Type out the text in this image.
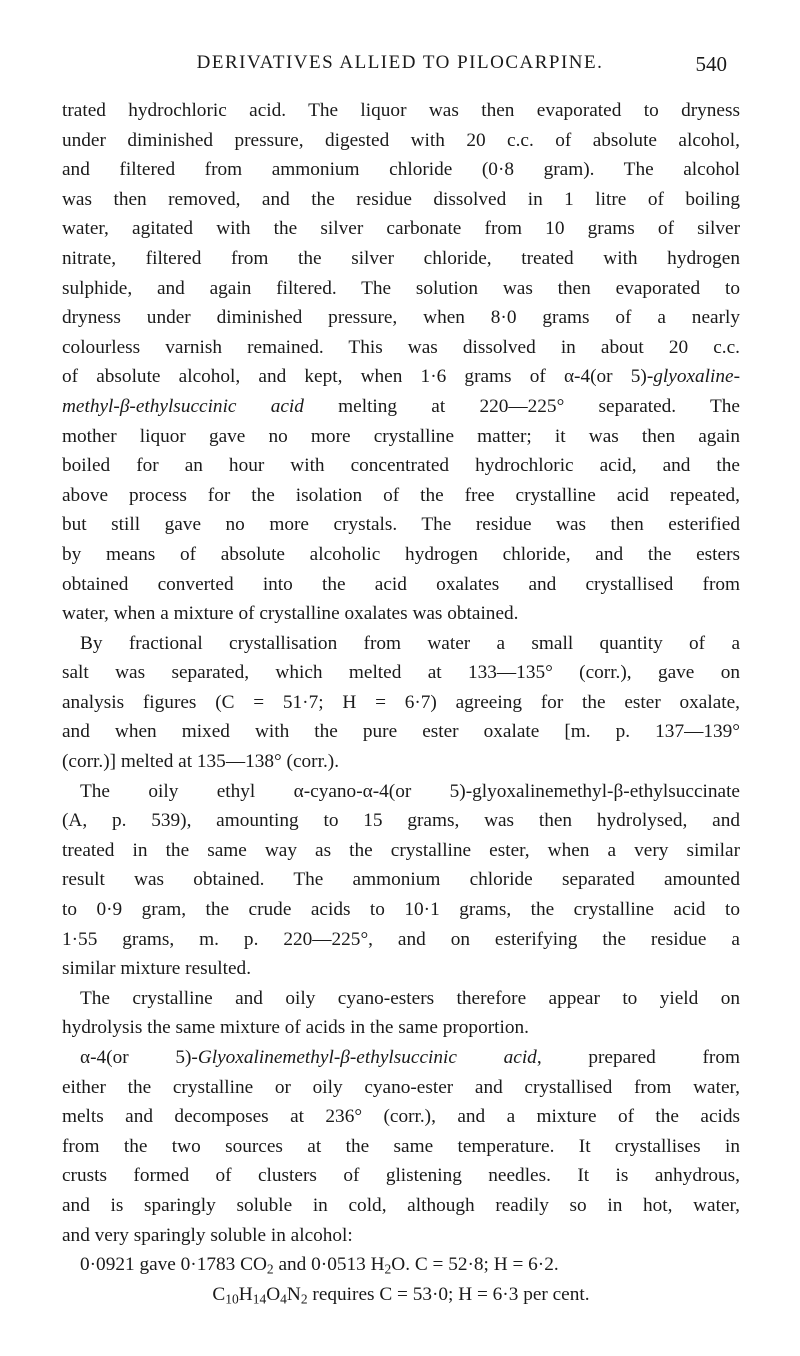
DERIVATIVES ALLIED TO PILOCARPINE.	540
trated hydrochloric acid. The liquor was then evaporated to dryness
under diminished pressure, digested with 20 c.c. of absolute alcohol,
and filtered from ammonium chloride (0·8 gram). The alcohol
was then removed, and the residue dissolved in 1 litre of boiling
water, agitated with the silver carbonate from 10 grams of silver
nitrate, filtered from the silver chloride, treated with hydrogen
sulphide, and again filtered. The solution was then evaporated to
dryness under diminished pressure, when 8·0 grams of a nearly
colourless varnish remained. This was dissolved in about 20 c.c.
of absolute alcohol, and kept, when 1·6 grams of α-4(or 5)-glyoxaline-
methyl-β-ethylsuccinic acid melting at 220—225° separated. The
mother liquor gave no more crystalline matter; it was then again
boiled for an hour with concentrated hydrochloric acid, and the
above process for the isolation of the free crystalline acid repeated,
but still gave no more crystals. The residue was then esterified
by means of absolute alcoholic hydrogen chloride, and the esters
obtained converted into the acid oxalates and crystallised from
water, when a mixture of crystalline oxalates was obtained.
By fractional crystallisation from water a small quantity of a
salt was separated, which melted at 133—135° (corr.), gave on
analysis figures (C = 51·7; H = 6·7) agreeing for the ester oxalate,
and when mixed with the pure ester oxalate [m. p. 137—139°
(corr.)] melted at 135—138° (corr.).
The oily ethyl α-cyano-α-4(or 5)-glyoxalinemethyl-β-ethylsuccinate
(A, p. 539), amounting to 15 grams, was then hydrolysed, and
treated in the same way as the crystalline ester, when a very similar
result was obtained. The ammonium chloride separated amounted
to 0·9 gram, the crude acids to 10·1 grams, the crystalline acid to
1·55 grams, m. p. 220—225°, and on esterifying the residue a
similar mixture resulted.
The crystalline and oily cyano-esters therefore appear to yield on
hydrolysis the same mixture of acids in the same proportion.
α-4(or 5)-Glyoxalinemethyl-β-ethylsuccinic acid, prepared from
either the crystalline or oily cyano-ester and crystallised from water,
melts and decomposes at 236° (corr.), and a mixture of the acids
from the two sources at the same temperature. It crystallises in
crusts formed of clusters of glistening needles. It is anhydrous,
and is sparingly soluble in cold, although readily so in hot, water,
and very sparingly soluble in alcohol:
0·0921 gave 0·1783 $CO_2$ and 0·0513 $H_2O$. C = 52·8; H = 6·2.
$C_{10}H_{14}O_4N_2$ requires C = 53·0; H = 6·3 per cent.
